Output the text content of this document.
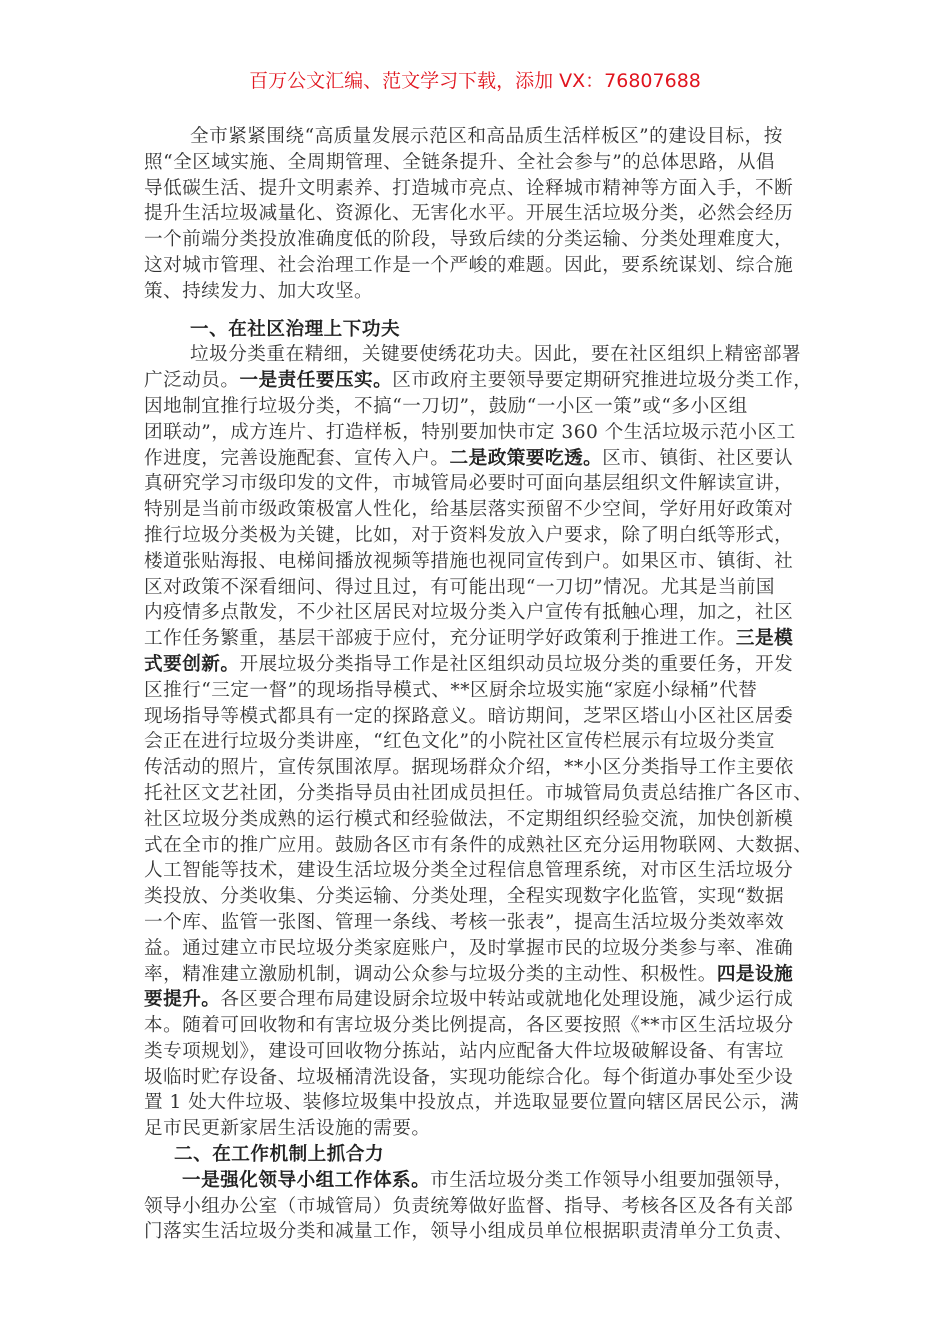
百万公文汇编、范文学习下载，添加 VX：76807688
全市紧紧围绕“高质量发展示范区和高品质生活样板区”的建设目标，按
照“全区域实施、全周期管理、全链条提升、全社会参与”的总体思路，从倡
导低碳生活、提升文明素养、打造城市亮点、诠释城市精神等方面入手，不断
提升生活垃圾减量化、资源化、无害化水平。开展生活垃圾分类，必然会经历
一个前端分类投放准确度低的阶段，导致后续的分类运输、分类处理难度大，
这对城市管理、社会治理工作是一个严峻的难题。因此，要系统谋划、综合施
策、持续发力、加大攻坚。
一、在社区治理上下功夫
垃圾分类重在精细，关键要使绣花功夫。因此，要在社区组织上精密部署
广泛动员。一是责任要压实。区市政府主要领导要定期研究推进垃圾分类工作，
因地制宜推行垃圾分类，不搞“一刀切”，鼓励“一小区一策”或“多小区组
团联动”，成方连片、打造样板，特别要加快市定 360 个生活垃圾示范小区工
作进度，完善设施配套、宣传入户。二是政策要吃透。区市、镇街、社区要认
真研究学习市级印发的文件，市城管局必要时可面向基层组织文件解读宣讲，
特别是当前市级政策极富人性化，给基层落实预留不少空间，学好用好政策对
推行垃圾分类极为关键，比如，对于资料发放入户要求，除了明白纸等形式，
楼道张贴海报、电梯间播放视频等措施也视同宣传到户。如果区市、镇街、社
区对政策不深看细问、得过且过，有可能出现“一刀切”情况。尤其是当前国
内疫情多点散发，不少社区居民对垃圾分类入户宣传有抵触心理，加之，社区
工作任务繁重，基层干部疲于应付，充分证明学好政策利于推进工作。三是模
式要创新。开展垃圾分类指导工作是社区组织动员垃圾分类的重要任务，开发
区推行“三定一督”的现场指导模式、**区厨余垃圾实施“家庭小绿桶”代替
现场指导等模式都具有一定的探路意义。暗访期间，芝罘区塔山小区社区居委
会正在进行垃圾分类讲座，“红色文化”的小院社区宣传栏展示有垃圾分类宣
传活动的照片，宣传氛围浓厚。据现场群众介绍，**小区分类指导工作主要依
托社区文艺社团，分类指导员由社团成员担任。市城管局负责总结推广各区市、
社区垃圾分类成熟的运行模式和经验做法，不定期组织经验交流，加快创新模
式在全市的推广应用。鼓励各区市有条件的成熟社区充分运用物联网、大数据、
人工智能等技术，建设生活垃圾分类全过程信息管理系统，对市区生活垃圾分
类投放、分类收集、分类运输、分类处理，全程实现数字化监管，实现“数据
一个库、监管一张图、管理一条线、考核一张表”，提高生活垃圾分类效率效
益。通过建立市民垃圾分类家庭账户，及时掌握市民的垃圾分类参与率、准确
率，精准建立激励机制，调动公众参与垃圾分类的主动性、积极性。四是设施
要提升。各区要合理布局建设厨余垃圾中转站或就地化处理设施，减少运行成
本。随着可回收物和有害垃圾分类比例提高，各区要按照《**市区生活垃圾分
类专项规划》，建设可回收物分拣站，站内应配备大件垃圾破解设备、有害垃
圾临时贮存设备、垃圾桶清洗设备，实现功能综合化。每个街道办事处至少设
置 1 处大件垃圾、装修垃圾集中投放点，并选取显要位置向辖区居民公示，满
足市民更新家居生活设施的需要。
二、在工作机制上抓合力
一是强化领导小组工作体系。市生活垃圾分类工作领导小组要加强领导，
领导小组办公室（市城管局）负责统筹做好监督、指导、考核各区及各有关部
门落实生活垃圾分类和减量工作，领导小组成员单位根据职责清单分工负责、
